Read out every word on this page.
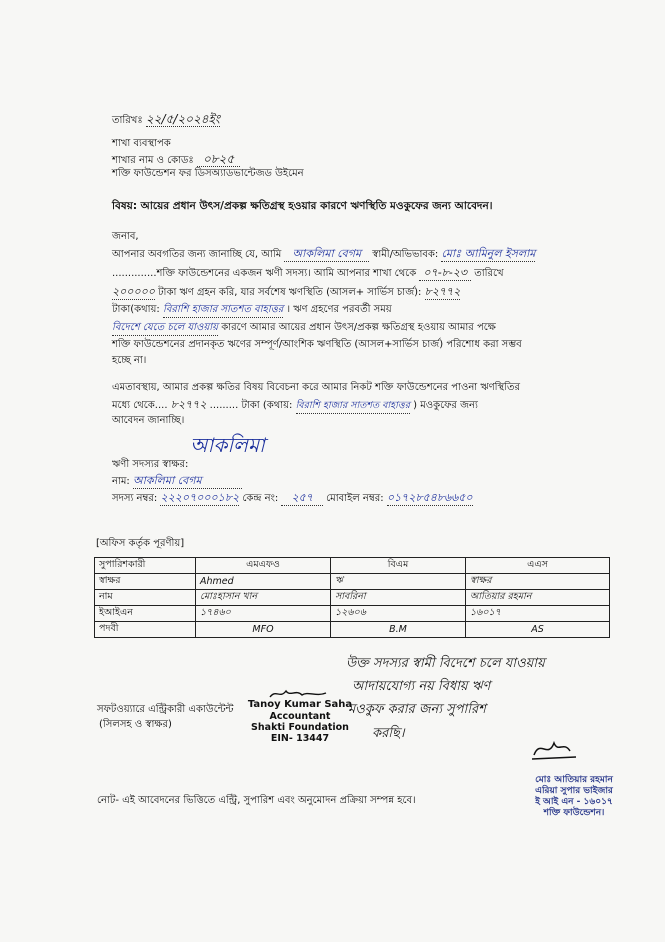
তারিখঃ ২২/৫/২০২৪ইং
শাখা ব্যবস্থাপক
শাখার নাম ও কোডঃ ০৮২৫
শক্তি ফাউন্ডেশন ফর ডিসঅ্যাডভান্টেজড উইমেন
বিষয়: আয়ের প্রধান উৎস/প্রকল্প ক্ষতিগ্রস্থ হওয়ার কারণে ঋণস্থিতি মওকুফের জন্য আবেদন।
জনাব,
আপনার অবগতির জন্য জানাচ্ছি যে, আমি আকলিমা বেগম স্বামী/অভিভাবক: মোঃ আমিনুল ইসলাম
..............শক্তি ফাউন্ডেশনের একজন ঋণী সদস্য। আমি আপনার শাখা থেকে ০৭-৮-২৩ তারিখে
২০০০০০ টাকা ঋণ গ্রহন করি, যার সর্বশেষ ঋণস্থিতি (আসল+ সার্ভিস চার্জ): ৮২৭৭২
টাকা(কথায়: বিরাশি হাজার সাতশত বাহাত্তর । ঋণ গ্রহণের পরবর্তী সময়
বিদেশে যেতে চলে যাওয়ায় কারণে আমার আয়ের প্রধান উৎস/প্রকল্প ক্ষতিগ্রস্থ হওয়ায় আমার পক্ষে
শক্তি ফাউন্ডেশনের প্রদানকৃত ঋণের সম্পূর্ণ/আংশিক ঋণস্থিতি (আসল+সার্ভিস চার্জ) পরিশোধ করা সম্ভব
হচ্ছে না।
এমতাবস্থায়, আমার প্রকল্প ক্ষতির বিষয় বিবেচনা করে আমার নিকট শক্তি ফাউন্ডেশনের পাওনা ঋণস্থিতির
মধ্যে থেকে.... ৮২৭৭২ ......... টাকা (কথায়: বিরাশি হাজার সাতশত বাহাত্তর ) মওকুফের জন্য
আবেদন জানাচ্ছি।
ঋণী সদস্যর স্বাক্ষর:
আকলিমা
নাম: আকলিমা বেগম
সদস্য নম্বর: ২২২০৭০০০১৮২ কেন্দ্র নং: ২৫৭ মোবাইল নম্বর: ০১৭২৮৫৪৮৬৬৫০
[অফিস কর্তৃক পূরণীয়]
সুপারিশকারী	এমএফও	বিএম	এএস
স্বাক্ষর	Ahmed	ঋ	স্বাক্ষর
নাম	মোঃহাসান খান	সাবরিনা	আতিয়ার রহমান
ইআইএন	১৭৪৬০	১২৬০৬	১৬০১৭
পদবী	MFO	B.M	AS
উক্ত সদস্যর স্বামী বিদেশে চলে যাওয়ায়
আদায়যোগ্য নয় বিধায় ঋণ
মওকুফ করার জন্য সুপারিশ
করছি।
সফটওয়্যারে এন্ট্রিকারী একাউন্টেন্ট
(সিলসহ ও স্বাক্ষর)
Tanoy Kumar Saha
Accountant
Shakti Foundation
EIN- 13447
মোঃ আতিয়ার রহমান
এরিয়া সুপার ভাইজার
ই আই এন - ১৬০১৭
শক্তি ফাউন্ডেশন।
নোট- এই আবেদনের ভিত্তিতে এন্ট্রি, সুপারিশ এবং অনুমোদন প্রক্রিয়া সম্পন্ন হবে।
